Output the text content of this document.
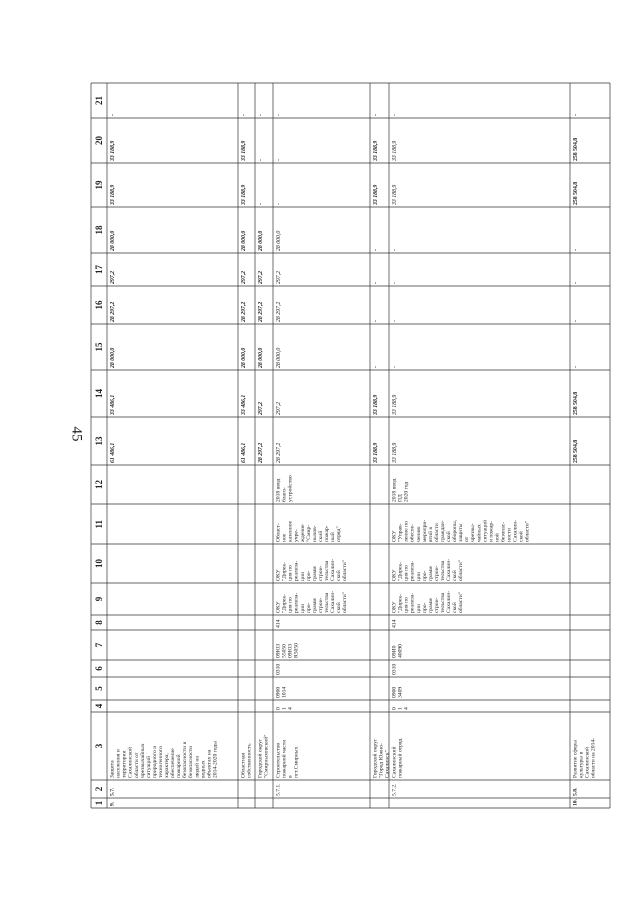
45
1
2
3
4
5
6
7
8
9
10
11
12
13
14
15
16
17
18
19
20
21
9.
5.7.
Защитанаселения итерриторииСахалинскойобласти отчрезвычайныхситуацийприродного итехногенногохарактера,обеспечениепожарнойбезопасности ибезопасностилюдей наводныхобъектах на2014-2020 годы
61 486,1
33 486,1
28 000,0
28 297,2
297,2
28 000,0
33 188,9
33 188,9
-
Областнаясобственность
61 486,1
33 486,1
28 000,0
28 297,2
297,2
28 000,0
33 188,9
33 188,9
-
Городской округ"Смирныховский"
28 297,2
297,2
28 000,0
28 297,2
297,2
28 000,0
-
-
-
5.7.1.
Строительствопожарной частивпгт.Смирных
014
09001014
0310
09Ю35505009Ю3R5050
414
ОКУ"Дирек-ция пореализа-циипро-граммстрои-тельстваСахалин-скойобласти"
ОКУ"Дирек-ция пореализа-циипро-граммстрои-тельстваСахалин-скойобласти"
Област-ноеказенноеучре-ждение"Смир-ныхов-скийпожар-ныйотряд"
2018 вводблаго-устройство
28 297,2
297,2
28 000,0
28 297,2
297,2
28 000,0
-
-
-
Городской округ"Город Южно-Сахалинск"
33 188,9
33 188,9
-
-
-
-
33 188,9
33 188,9
-
5.7.2.
Сахалинскийпожарный отряд
014
09003409
0310
09И040090
414
ОКУ"Дирек-ция пореализа-циипро-граммстрои-тельстваСахалин-скойобласти"
ОКУ"Дирек-ция пореализа-циипро-граммстрои-тельстваСахалин-скойобласти"
ОКУ"Управ-ление пообеспе-чениюмеропри-ятий вобластиграждан-скойобороны,защитыотчрезвы-чайныхситуацийи пожар-нойбезопас-ностиСахалин-скойобласти"
2018 вводПД2020 год
33 188,9
33 188,9
-
-
-
-
33 188,9
33 188,9
-
10.
5.8.
Развитие сферыкультуры вСахалинскойобласти на 2014-
258 504,8
258 504,8
-
-
-
-
258 504,8
258 504,8
-
